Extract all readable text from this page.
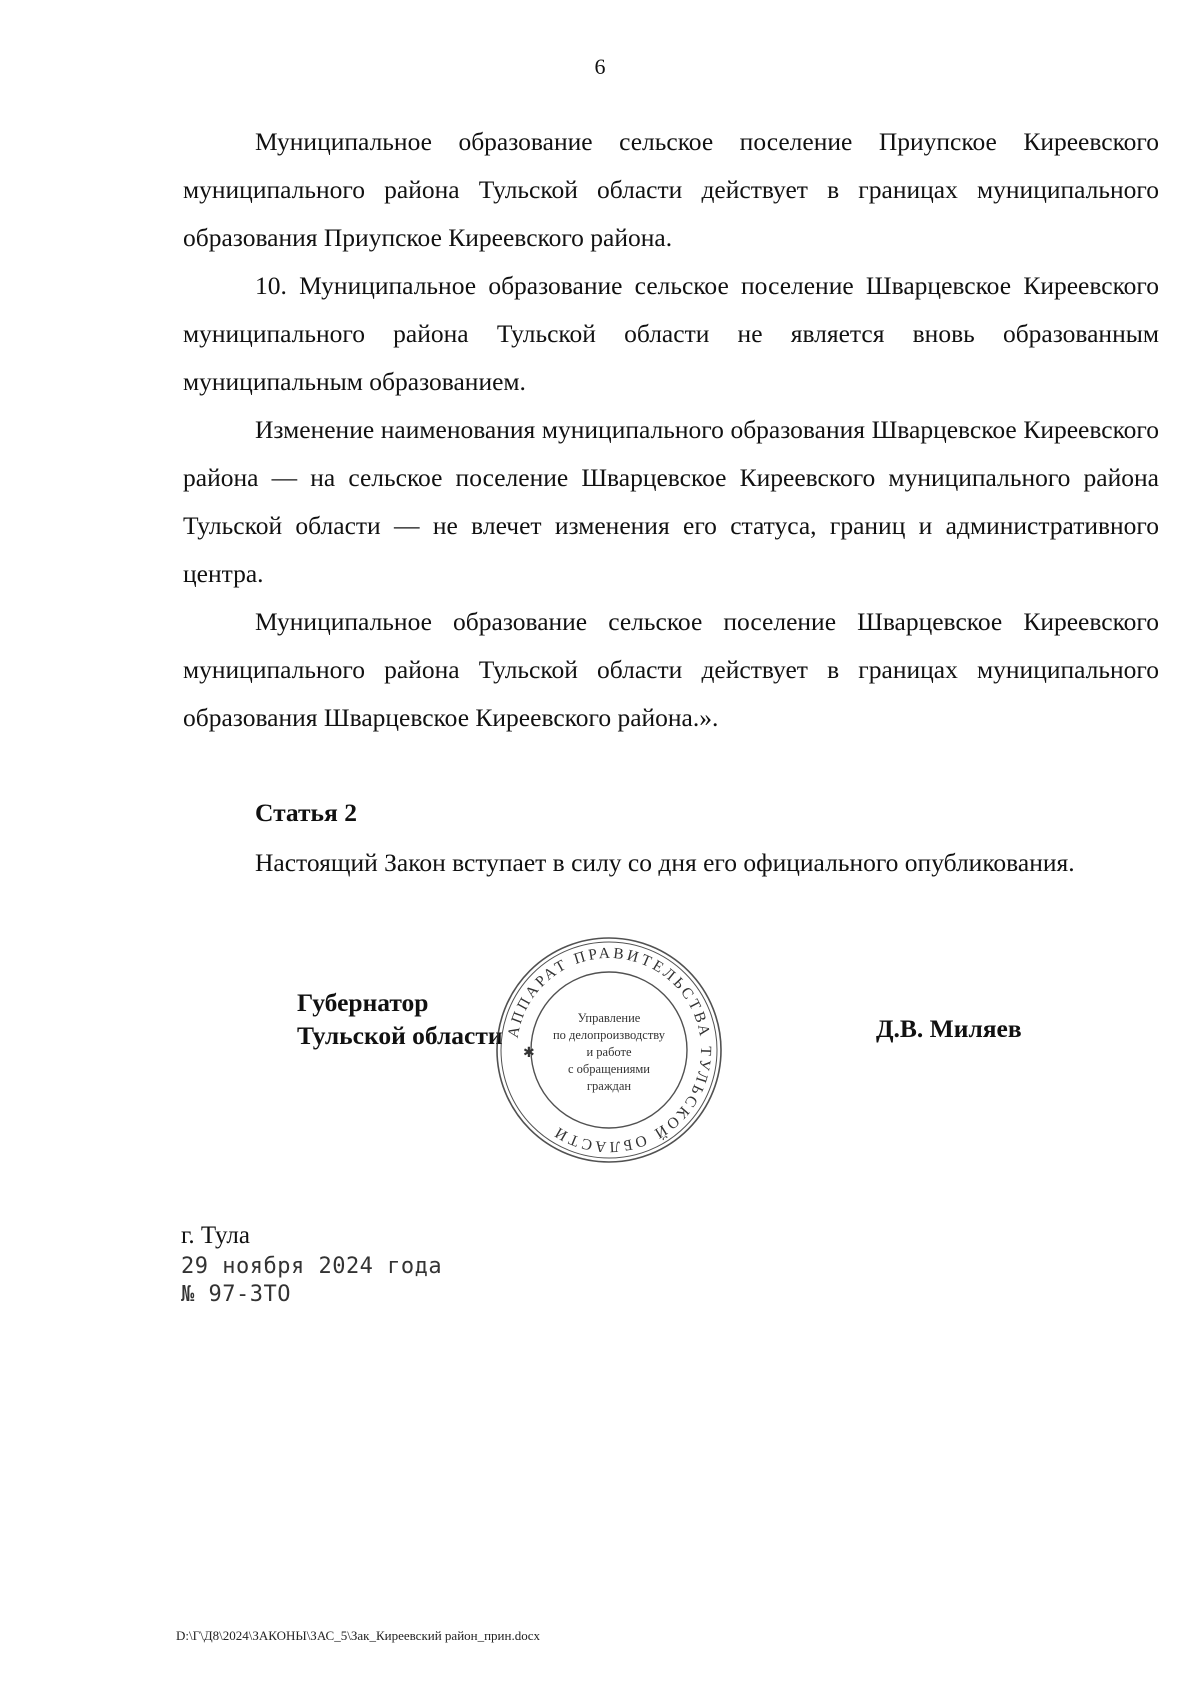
6

Муниципальное образование сельское поселение Приупское Киреевского муниципального района Тульской области действует в границах муниципального образования Приупское Киреевского района.

10. Муниципальное образование сельское поселение Шварцевское Киреевского муниципального района Тульской области не является вновь образованным муниципальным образованием.

Изменение наименования муниципального образования Шварцевское Киреевского района — на сельское поселение Шварцевское Киреевского муниципального района Тульской области — не влечет изменения его статуса, границ и административного центра.

Муниципальное образование сельское поселение Шварцевское Киреевского муниципального района Тульской области действует в границах муниципального образования Шварцевское Киреевского района.».

Статья 2
Настоящий Закон вступает в силу со дня его официального опубликования.
Губернатор
Тульской области АППАРАТ ПРАВИТЕЛЬСТВА ТУЛЬСКОЙ ОБЛАСТИ
✱
Управление
по делопроизводству
и работе
с обращениями
граждан
Д.В. Миляев
г. Тула
29 ноября 2024 года
№ 97-ЗТО
D:\Г\Д8\2024\ЗАКОНЫ\ЗАС_5\Зак_Киреевский район_прин.docx
